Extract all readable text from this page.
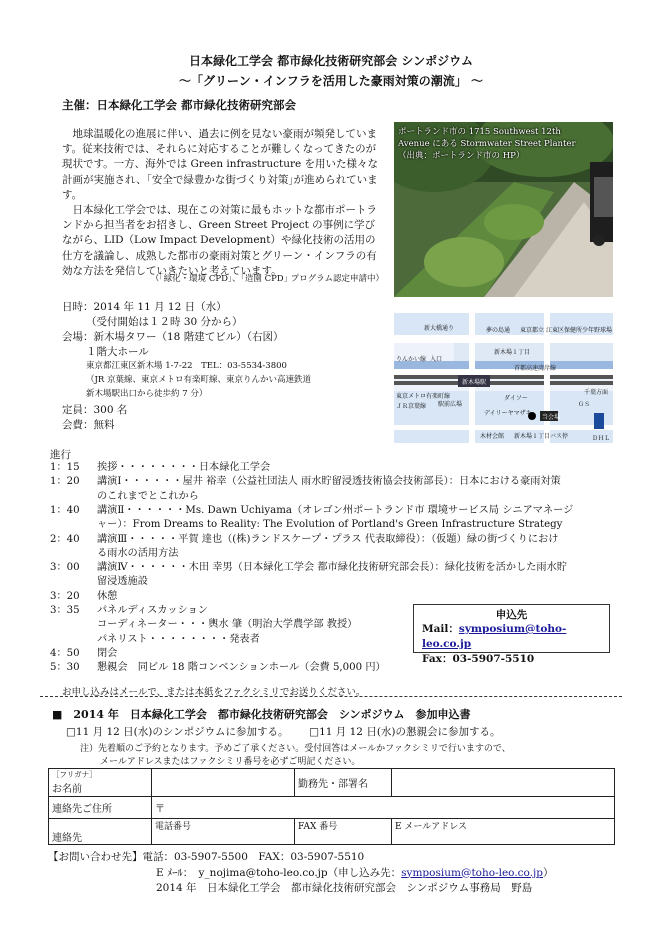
日本緑化工学会 都市緑化技術研究部会 シンポジウム
～「グリーン・インフラを活用した豪雨対策の潮流」 ～
主催：日本緑化工学会 都市緑化技術研究部会

地球温暖化の進展に伴い、過去に例を見ない豪雨が頻発しています。従来技術では、それらに対応することが難しくなってきたのが現状です。一方、海外では Green infrastructure を用いた様々な計画が実施され、｢安全で緑豊かな街づくり対策｣が進められています。

日本緑化工学会では、現在この対策に最もホットな都市ポートランドから担当者をお招きし、Green Street Project の事例に学びながら、LID（Low Impact Development）や緑化技術の活用の仕方を議論し、成熟した都市の豪雨対策とグリーン・インフラの有効な方法を発信していきたいと考えています。

（｢緑化・環境 CPD｣、｢造園 CPD｣ プログラム認定申請中）
ポートランド市の 1715 Southwest 12th
Avenue にある Stormwater Street Planter
（出典：ポートランド市の HP）
新大橋通り	夢の島通 東京都立 江東区保健所 少年野球場
新木場１丁目
新木場駅
りんかい線 入口
首都高速湾岸線
千葉方面
東京メトロ有楽町線
駅前広場
ＪＲ京葉線
ダイソー
ＧＳ
デイリーヤマザキ
当会場
新木場１丁目バス停
木材会館	ＤＨＬ
日時：2014 年 11 月 12 日（水）
（受付開始は１２時 30 分から）
会場：新木場タワー（18 階建てビル）（右図）
１階大ホール
東京都江東区新木場 1-7-22　TEL：03-5534-3800
（JR 京葉線、東京メトロ有楽町線、東京りんかい高速鉄道
新木場駅出口から徒歩約 7 分）
定員：300 名
会費：無料
進行
1：15	挨拶・・・・・・・・日本緑化工学会
1：20	講演Ⅰ・・・・・・屋井 裕幸（公益社団法人 雨水貯留浸透技術協会技術部長）：日本における豪雨対策
のこれまでとこれから
1：40	講演Ⅱ・・・・・・Ms. Dawn Uchiyama（オレゴン州ポートランド市 環境サービス局 シニアマネージ
ャー）：From Dreams to Reality: The Evolution of Portland's Green Infrastructure Strategy
2：40	講演Ⅲ・・・・・平賀 達也（(株)ランドスケープ・プラス 代表取締役）：（仮題）緑の街づくりにおけ
る雨水の活用方法
3：00	講演Ⅳ・・・・・・木田 幸男（日本緑化工学会 都市緑化技術研究部会長）：緑化技術を活かした雨水貯
留浸透施設
3：20	休憩
3：35	パネルディスカッション
コーディネーター・・・輿水 肇（明治大学農学部 教授）
パネリスト・・・・・・・・発表者
4：50	閉会
5：30	懇親会　同ビル 18 階コンベンションホール（会費 5,000 円）
申込先
Mail：symposium@toho-leo.co.jp
Fax：03-5907-5510
お申し込みはメールで、または本紙をファクシミリでお送りください。
■　2014 年　日本緑化工学会　都市緑化技術研究部会　シンポジウム　参加申込書
□11 月 12 日(水)のシンポジウムに参加する。 □11 月 12 日(水)の懇親会に参加する。
注）先着順のご予約となります。予めご了承ください。受付回答はメールかファクシミリで行いますので、
メールアドレスまたはファクシミリ番号を必ずご明記ください。
［フリガナ］
お名前		勤務先・部署名	
連絡先ご住所	〒		
連絡先	電話番号	FAX 番号	E メールアドレス
【お問い合わせ先】電話：03-5907-5500　FAX：03-5907-5510
E ﾒｰﾙ：　y_nojima@toho-leo.co.jp（申し込み先：symposium@toho-leo.co.jp）
2014 年　日本緑化工学会　都市緑化技術研究部会　シンポジウム事務局　野島
